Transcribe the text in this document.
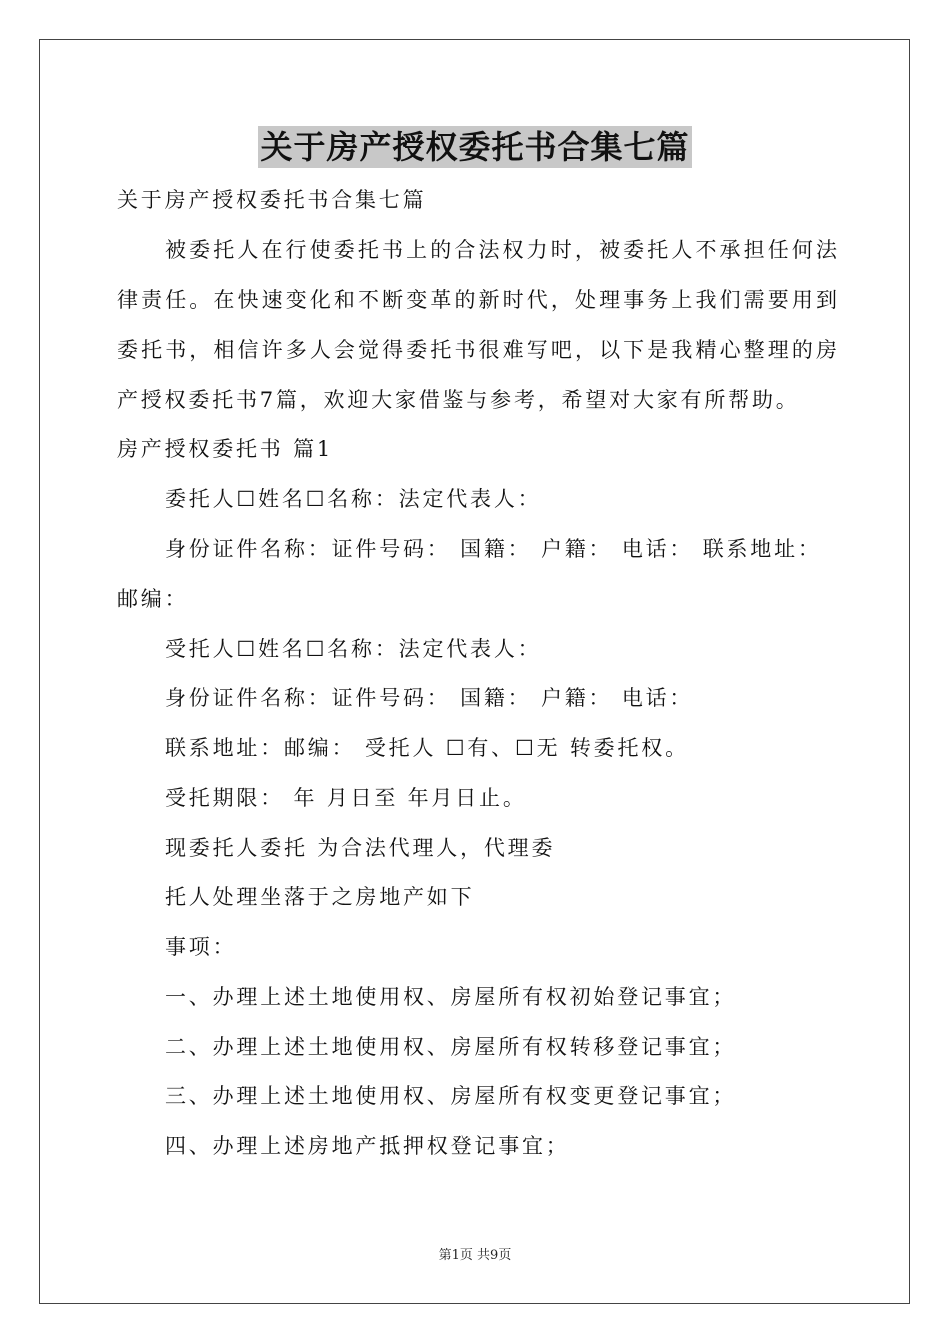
关于房产授权委托书合集七篇
关于房产授权委托书合集七篇
被委托人在行使委托书上的合法权力时，被委托人不承担任何法
律责任。在快速变化和不断变革的新时代，处理事务上我们需要用到
委托书，相信许多人会觉得委托书很难写吧，以下是我精心整理的房
产授权委托书7篇，欢迎大家借鉴与参考，希望对大家有所帮助。
房产授权委托书 篇1
委托人☐姓名☐名称：法定代表人：
身份证件名称：证件号码： 国籍： 户籍： 电话： 联系地址：
邮编：
受托人☐姓名☐名称：法定代表人：
身份证件名称：证件号码： 国籍： 户籍： 电话：
联系地址：邮编： 受托人 ☐有、☐无 转委托权。
受托期限： 年 月日至 年月日止。
现委托人委托 为合法代理人，代理委
托人处理坐落于之房地产如下
事项：
一、办理上述土地使用权、房屋所有权初始登记事宜；
二、办理上述土地使用权、房屋所有权转移登记事宜；
三、办理上述土地使用权、房屋所有权变更登记事宜；
四、办理上述房地产抵押权登记事宜；
第1页 共9页
